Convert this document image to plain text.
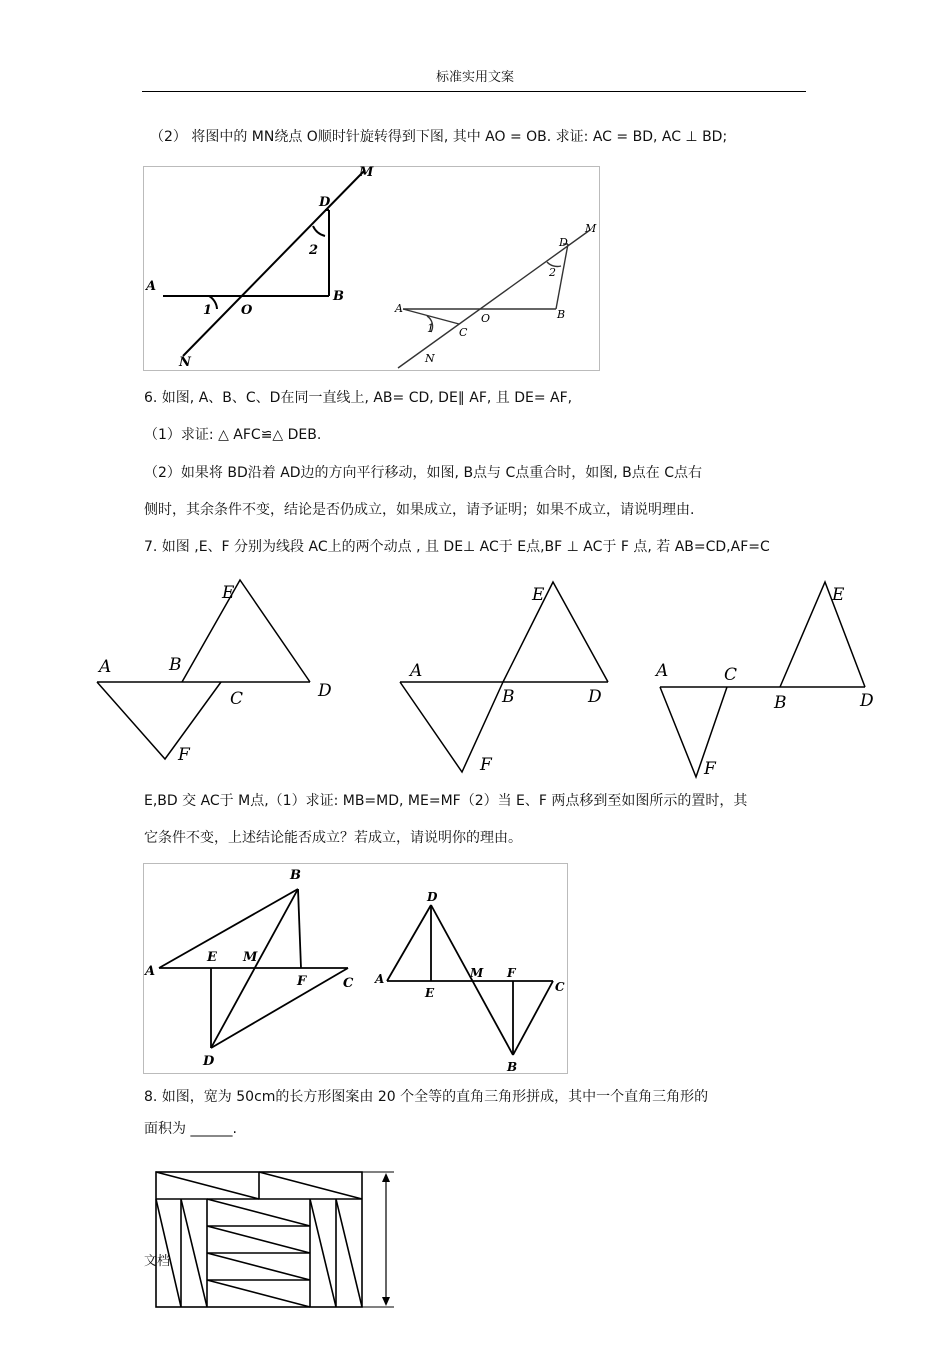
标准实用文案
（2） 将图中的 MN绕点 O顺时针旋转得到下图, 其中 AO = OB. 求证: AC = BD, AC ⊥ BD;
M
D
2
A
B
1 O
N
M
D
2
A
1 C
O	B
N
6. 如图, A、B、C、D在同一直线上, AB= CD, DE∥ AF, 且 DE= AF,
（1）求证: △ AFC≌△ DEB.
（2）如果将 BD沿着 AD边的方向平行移动，如图, B点与 C点重合时，如图, B点在 C点右
侧时，其余条件不变，结论是否仍成立，如果成立，请予证明；如果不成立，请说明理由.
7. 如图 ,E、F 分别为线段 AC上的两个动点 , 且 DE⊥ AC于 E点,BF ⊥ AC于 F 点, 若 AB=CD,AF=C
E
A	B
C	D
F
E
A
B	D
F
E
A	C
B	D
F
E,BD 交 AC于 M点,（1）求证: MB=MD, ME=MF（2）当 E、F 两点移到至如图所示的置时，其
它条件不变，上述结论能否成立？若成立，请说明你的理由。
B
A
E M
F	C
D
D
A
E
M F
C
B
8. 如图，宽为 50cm的长方形图案由 20 个全等的直角三角形拼成，其中一个直角三角形的
面积为 ______.
文档
